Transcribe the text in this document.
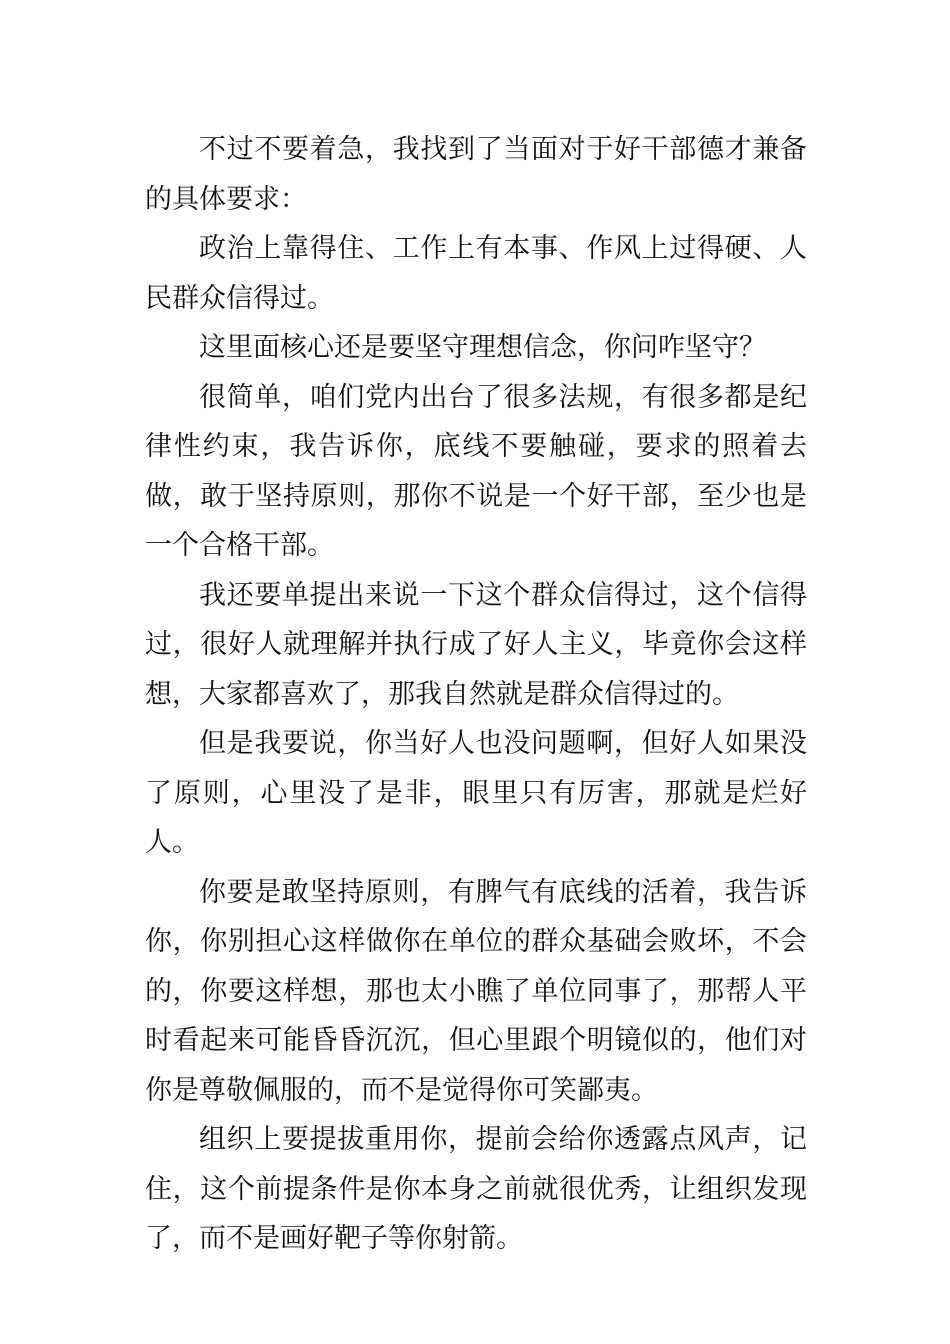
不过不要着急，我找到了当面对于好干部德才兼备的具体要求：

政治上靠得住、工作上有本事、作风上过得硬、人民群众信得过。

这里面核心还是要坚守理想信念，你问咋坚守？

很简单，咱们党内出台了很多法规，有很多都是纪律性约束，我告诉你，底线不要触碰，要求的照着去做，敢于坚持原则，那你不说是一个好干部，至少也是一个合格干部。

我还要单提出来说一下这个群众信得过，这个信得过，很好人就理解并执行成了好人主义，毕竟你会这样想，大家都喜欢了，那我自然就是群众信得过的。

但是我要说，你当好人也没问题啊，但好人如果没了原则，心里没了是非，眼里只有厉害，那就是烂好人。

你要是敢坚持原则，有脾气有底线的活着，我告诉你，你别担心这样做你在单位的群众基础会败坏，不会的，你要这样想，那也太小瞧了单位同事了，那帮人平时看起来可能昏昏沉沉，但心里跟个明镜似的，他们对你是尊敬佩服的，而不是觉得你可笑鄙夷。

组织上要提拔重用你，提前会给你透露点风声，记住，这个前提条件是你本身之前就很优秀，让组织发现了，而不是画好靶子等你射箭。
